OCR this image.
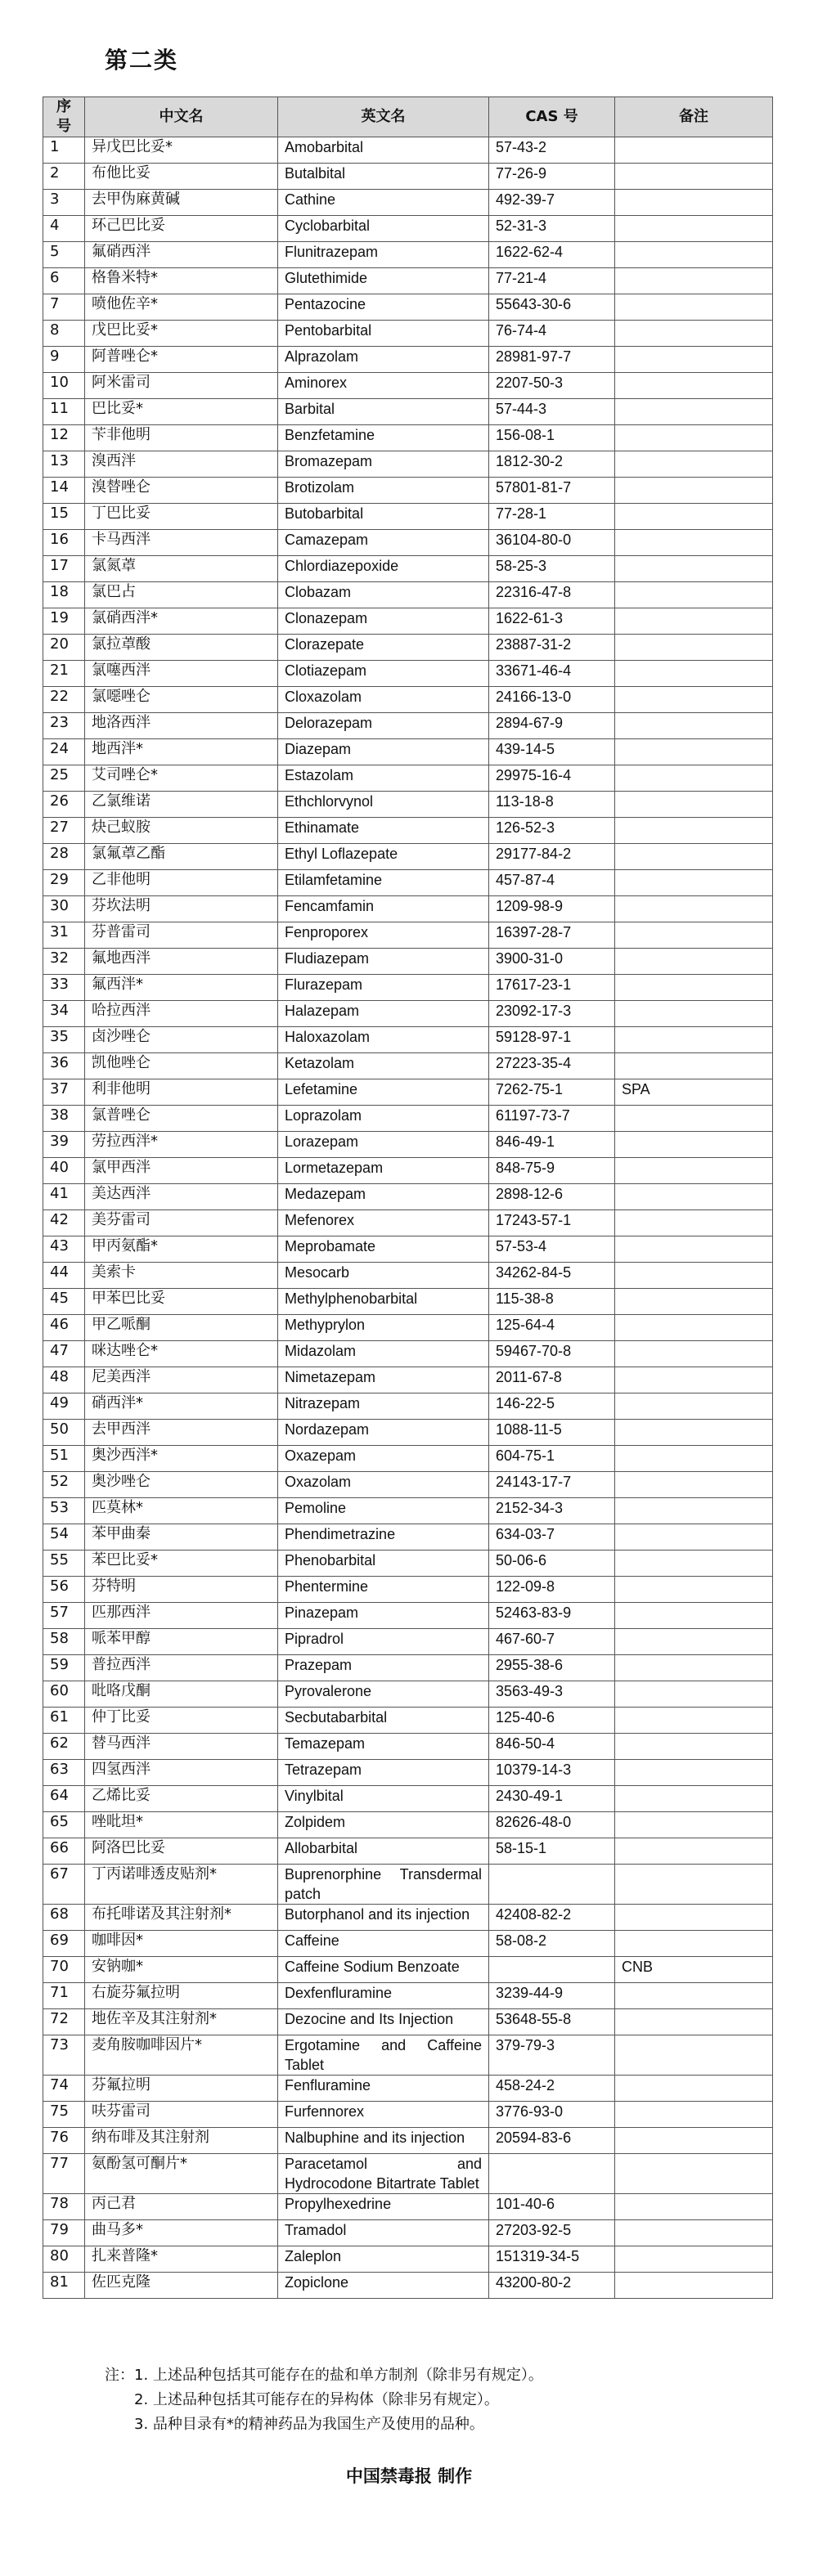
第二类
序号	中文名	英文名	CAS 号	备注
1	异戊巴比妥*	Amobarbital	57-43-2	
2	布他比妥	Butalbital	77-26-9	
3	去甲伪麻黄碱	Cathine	492-39-7	
4	环己巴比妥	Cyclobarbital	52-31-3	
5	氟硝西泮	Flunitrazepam	1622-62-4	
6	格鲁米特*	Glutethimide	77-21-4	
7	喷他佐辛*	Pentazocine	55643-30-6	
8	戊巴比妥*	Pentobarbital	76-74-4	
9	阿普唑仑*	Alprazolam	28981-97-7	
10	阿米雷司	Aminorex	2207-50-3	
11	巴比妥*	Barbital	57-44-3	
12	苄非他明	Benzfetamine	156-08-1	
13	溴西泮	Bromazepam	1812-30-2	
14	溴替唑仑	Brotizolam	57801-81-7	
15	丁巴比妥	Butobarbital	77-28-1	
16	卡马西泮	Camazepam	36104-80-0	
17	氯氮䓬	Chlordiazepoxide	58-25-3	
18	氯巴占	Clobazam	22316-47-8	
19	氯硝西泮*	Clonazepam	1622-61-3	
20	氯拉䓬酸	Clorazepate	23887-31-2	
21	氯噻西泮	Clotiazepam	33671-46-4	
22	氯噁唑仑	Cloxazolam	24166-13-0	
23	地洛西泮	Delorazepam	2894-67-9	
24	地西泮*	Diazepam	439-14-5	
25	艾司唑仑*	Estazolam	29975-16-4	
26	乙氯维诺	Ethchlorvynol	113-18-8	
27	炔己蚁胺	Ethinamate	126-52-3	
28	氯氟䓬乙酯	Ethyl Loflazepate	29177-84-2	
29	乙非他明	Etilamfetamine	457-87-4	
30	芬坎法明	Fencamfamin	1209-98-9	
31	芬普雷司	Fenproporex	16397-28-7	
32	氟地西泮	Fludiazepam	3900-31-0	
33	氟西泮*	Flurazepam	17617-23-1	
34	哈拉西泮	Halazepam	23092-17-3	
35	卤沙唑仑	Haloxazolam	59128-97-1	
36	凯他唑仑	Ketazolam	27223-35-4	
37	利非他明	Lefetamine	7262-75-1	SPA
38	氯普唑仑	Loprazolam	61197-73-7	
39	劳拉西泮*	Lorazepam	846-49-1	
40	氯甲西泮	Lormetazepam	848-75-9	
41	美达西泮	Medazepam	2898-12-6	
42	美芬雷司	Mefenorex	17243-57-1	
43	甲丙氨酯*	Meprobamate	57-53-4	
44	美索卡	Mesocarb	34262-84-5	
45	甲苯巴比妥	Methylphenobarbital	115-38-8	
46	甲乙哌酮	Methyprylon	125-64-4	
47	咪达唑仑*	Midazolam	59467-70-8	
48	尼美西泮	Nimetazepam	2011-67-8	
49	硝西泮*	Nitrazepam	146-22-5	
50	去甲西泮	Nordazepam	1088-11-5	
51	奥沙西泮*	Oxazepam	604-75-1	
52	奥沙唑仑	Oxazolam	24143-17-7	
53	匹莫林*	Pemoline	2152-34-3	
54	苯甲曲秦	Phendimetrazine	634-03-7	
55	苯巴比妥*	Phenobarbital	50-06-6	
56	芬特明	Phentermine	122-09-8	
57	匹那西泮	Pinazepam	52463-83-9	
58	哌苯甲醇	Pipradrol	467-60-7	
59	普拉西泮	Prazepam	2955-38-6	
60	吡咯戊酮	Pyrovalerone	3563-49-3	
61	仲丁比妥	Secbutabarbital	125-40-6	
62	替马西泮	Temazepam	846-50-4	
63	四氢西泮	Tetrazepam	10379-14-3	
64	乙烯比妥	Vinylbital	2430-49-1	
65	唑吡坦*	Zolpidem	82626-48-0	
66	阿洛巴比妥	Allobarbital	58-15-1	
67	丁丙诺啡透皮贴剂*	Buprenorphine Transdermal patch		
68	布托啡诺及其注射剂*	Butorphanol and its injection	42408-82-2	
69	咖啡因*	Caffeine	58-08-2	
70	安钠咖*	Caffeine Sodium Benzoate		CNB
71	右旋芬氟拉明	Dexfenfluramine	3239-44-9	
72	地佐辛及其注射剂*	Dezocine and Its Injection	53648-55-8	
73	麦角胺咖啡因片*	Ergotamine and Caffeine Tablet	379-79-3	
74	芬氟拉明	Fenfluramine	458-24-2	
75	呋芬雷司	Furfennorex	3776-93-0	
76	纳布啡及其注射剂	Nalbuphine and its injection	20594-83-6	
77	氨酚氢可酮片*	Paracetamol and Hydrocodone Bitartrate Tablet		
78	丙己君	Propylhexedrine	101-40-6	
79	曲马多*	Tramadol	27203-92-5	
80	扎来普隆*	Zaleplon	151319-34-5	
81	佐匹克隆	Zopiclone	43200-80-2	
注：1. 上述品种包括其可能存在的盐和单方制剂（除非另有规定）。
2. 上述品种包括其可能存在的异构体（除非另有规定）。
3. 品种目录有*的精神药品为我国生产及使用的品种。
中国禁毒报 制作
